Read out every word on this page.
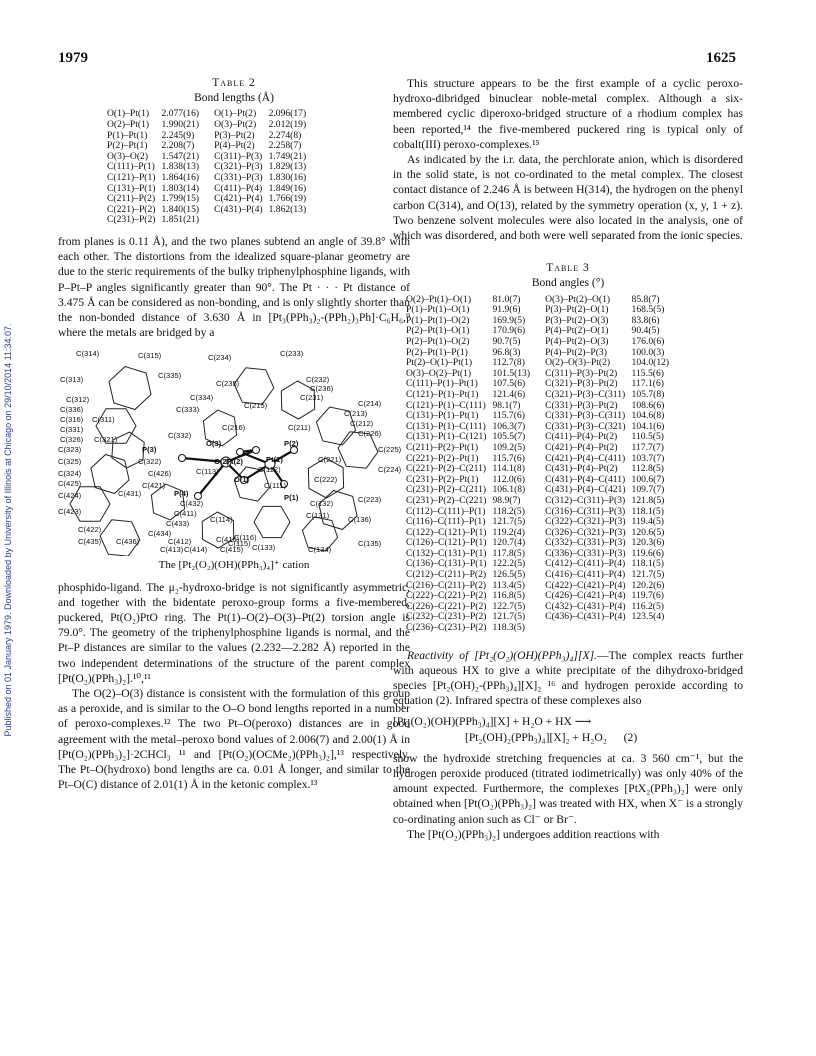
Published on 01 January 1979. Downloaded by University of Illinois at Chicago on 29/10/2014 11:34:07.
1979	1625
Table 2
Bond lengths (Å)
O(1)–Pt(1)	2.077(16)	O(1)–Pt(2)	2.096(17)
O(2)–Pt(1)	1.990(21)	O(3)–Pt(2)	2.012(19)
P(1)–Pt(1)	2.245(9)	P(3)–Pt(2)	2.274(8)
P(2)–Pt(1)	2.208(7)	P(4)–Pt(2)	2.258(7)
O(3)–O(2)	1.547(21)	C(311)–P(3)	1.749(21)
C(111)–P(1)	1.838(13)	C(321)–P(3)	1.829(13)
C(121)–P(1)	1.864(16)	C(331)–P(3)	1.830(16)
C(131)–P(1)	1.803(14)	C(411)–P(4)	1.849(16)
C(211)–P(2)	1.799(15)	C(421)–P(4)	1.766(19)
C(221)–P(2)	1.840(15)	C(431)–P(4)	1.862(13)
C(231)–P(2)	1.851(21)		

from planes is 0.11 Å), and the two planes subtend an angle of 39.8° with each other. The distortions from the idealized square-planar geometry are due to the steric requirements of the bulky triphenylphosphine ligands, with P–Pt–P angles significantly greater than 90°. The Pt · · · Pt distance of 3.475 Å can be considered as non-bonding, and is only slightly shorter than the non-bonded distance of 3.630 Å in [Pt₃(PPh₃)₂-(PPh₂)₃Ph]·C₆H₆,⁹ where the metals are bridged by a

C(314)	C(315)	C(234)	C(233)
C(232)
C(236)
C(231)
C(313)	C(335)
C(235)
C(312)	C(334)
C(214)
C(336)	C(215)
C(213)
C(316) C(311)
C(333)
C(212)
C(331)	C(216)	C(211)
C(226)
C(326) C(321)	C(332)
O(3)	P(2)
C(225)
C(323)	P(3)
C(322)	Pt(2)
O(2)	Pt(1)	C(221)
C(325)
C(426)
O(1)	C(222)
C(224)
C(324)	C(113)	C(112)
C(425)	C(421)	C(111)
C(424)	C(431)	P(4)
C(223)
C(432)
P(1)
C(411)
C(132)
C(423)
C(433)	C(114)	C(131)
C(434)
C(412)	C(416)
C(136)
C(116)
C(422)
C(115)
C(435) C(436)
C(413)	C(133)	C(135)
C(415)
C(414)	C(134)
The [Pt₂(O₂)(OH)(PPh₃)₄]⁺ cation

phosphido-ligand. The μ₂-hydroxo-bridge is not significantly asymmetric, and together with the bidentate peroxo-group forms a five-membered, puckered, Pt(O₂)PtO ring. The Pt(1)–O(2)–O(3)–Pt(2) torsion angle is 79.0°. The geometry of the triphenylphosphine ligands is normal, and the Pt–P distances are similar to the values (2.232—2.282 Å) reported in the two independent determinations of the structure of the parent complex [Pt(O₂)(PPh₃)₂].¹⁰,¹¹

The O(2)–O(3) distance is consistent with the formulation of this group as a peroxide, and is similar to the O–O bond lengths reported in a number of peroxo-complexes.¹² The two Pt–O(peroxo) distances are in good agreement with the metal–peroxo bond values of 2.006(7) and 2.00(1) Å in [Pt(O₂)(PPh₃)₂]·2CHCl₃ ¹¹ and [Pt(O₂)(OCMe₂)(PPh₃)₂],¹³ respectively. The Pt–O(hydroxo) bond lengths are ca. 0.01 Å longer, and similar to the Pt–O(C) distance of 2.01(1) Å in the ketonic complex.¹³

This structure appears to be the first example of a cyclic peroxo-hydroxo-dibridged binuclear noble-metal complex. Although a six-membered cyclic diperoxo-bridged structure of a rhodium complex has been reported,¹⁴ the five-membered puckered ring is typical only of cobalt(III) peroxo-complexes.¹⁵

As indicated by the i.r. data, the perchlorate anion, which is disordered in the solid state, is not co-ordinated to the metal complex. The closest contact distance of 2.246 Å is between H(314), the hydrogen on the phenyl carbon C(314), and O(13), related by the symmetry operation (x, y, 1 + z). Two benzene solvent molecules were also located in the analysis, one of which was disordered, and both were well separated from the ionic species.

Table 3
Bond angles (°)
O(2)–Pt(1)–O(1)	81.0(7)	O(3)–Pt(2)–O(1)	85.8(7)
P(1)–Pt(1)–O(1)	91.9(6)	P(3)–Pt(2)–O(1)	168.5(5)
P(1)–Pt(1)–O(2)	169.9(5)	P(3)–Pt(2)–O(3)	83.8(6)
P(2)–Pt(1)–O(1)	170.9(6)	P(4)–Pt(2)–O(1)	90.4(5)
P(2)–Pt(1)–O(2)	90.7(5)	P(4)–Pt(2)–O(3)	176.0(6)
P(2)–Pt(1)–P(1)	96.8(3)	P(4)–Pt(2)–P(3)	100.0(3)
Pt(2)–O(1)–Pt(1)	112.7(8)	O(2)–O(3)–Pt(2)	104.0(12)
O(3)–O(2)–Pt(1)	101.5(13)	C(311)–P(3)–Pt(2)	115.5(6)
C(111)–P(1)–Pt(1)	107.5(6)	C(321)–P(3)–Pt(2)	117.1(6)
C(121)–P(1)–Pt(1)	121.4(6)	C(321)–P(3)–C(311)	105.7(8)
C(121)–P(1)–C(111)	98.1(7)	C(331)–P(3)–Pt(2)	108.6(6)
C(131)–P(1)–Pt(1)	115.7(6)	C(331)–P(3)–C(311)	104.6(8)
C(131)–P(1)–C(111)	106.3(7)	C(331)–P(3)–C(321)	104.1(6)
C(131)–P(1)–C(121)	105.5(7)	C(411)–P(4)–Pt(2)	110.5(5)
C(211)–P(2)–Pt(1)	109.2(5)	C(421)–P(4)–Pt(2)	117.7(7)
C(221)–P(2)–Pt(1)	115.7(6)	C(421)–P(4)–C(411)	103.7(7)
C(221)–P(2)–C(211)	114.1(8)	C(431)–P(4)–Pt(2)	112.8(5)
C(231)–P(2)–Pt(1)	112.0(6)	C(431)–P(4)–C(411)	100.6(7)
C(231)–P(2)–C(211)	106.1(8)	C(431)–P(4)–C(421)	109.7(7)
C(231)–P(2)–C(221)	98.9(7)	C(312)–C(311)–P(3)	121.8(5)
C(112)–C(111)–P(1)	118.2(5)	C(316)–C(311)–P(3)	118.1(5)
C(116)–C(111)–P(1)	121.7(5)	C(322)–C(321)–P(3)	119.4(5)
C(122)–C(121)–P(1)	119.2(4)	C(326)–C(321)–P(3)	120.6(5)
C(126)–C(121)–P(1)	120.7(4)	C(332)–C(331)–P(3)	120.3(6)
C(132)–C(131)–P(1)	117.8(5)	C(336)–C(331)–P(3)	119.6(6)
C(136)–C(131)–P(1)	122.2(5)	C(412)–C(411)–P(4)	118.1(5)
C(212)–C(211)–P(2)	126.5(5)	C(416)–C(411)–P(4)	121.7(5)
C(216)–C(211)–P(2)	113.4(5)	C(422)–C(421)–P(4)	120.2(6)
C(222)–C(221)–P(2)	116.8(5)	C(426)–C(421)–P(4)	119.7(6)
C(226)–C(221)–P(2)	122.7(5)	C(432)–C(431)–P(4)	116.2(5)
C(232)–C(231)–P(2)	121.7(5)	C(436)–C(431)–P(4)	123.5(4)
C(236)–C(231)–P(2)	118.3(5)		

Reactivity of [Pt₂(O₂)(OH)(PPh₃)₄][X].—The complex reacts further with aqueous HX to give a white precipitate of the dihydroxo-bridged species [Pt₂(OH)₂-(PPh₃)₄][X]₂ ¹⁶ and hydrogen peroxide according to equation (2). Infrared spectra of these complexes also

[Pt₂(O₂)(OH)(PPh₃)₄][X] + H₂O + HX ⟶
[Pt₂(OH)₂(PPh₃)₄][X]₂ + H₂O₂ (2)

show the hydroxide stretching frequencies at ca. 3 560 cm⁻¹, but the hydrogen peroxide produced (titrated iodimetrically) was only 40% of the amount expected. Furthermore, the complexes [PtX₂(PPh₃)₂] were only obtained when [Pt(O₂)(PPh₃)₂] was treated with HX, when X⁻ is a strongly co-ordinating anion such as Cl⁻ or Br⁻.

The [Pt(O₂)(PPh₃)₂] undergoes addition reactions with
